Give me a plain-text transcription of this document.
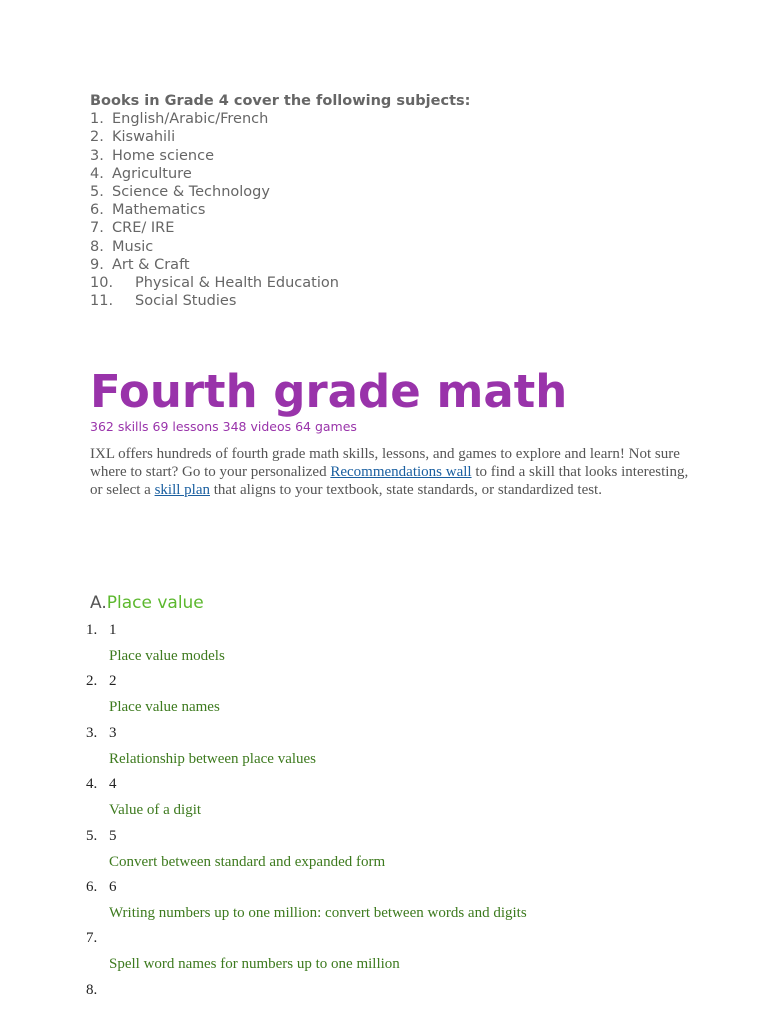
Books in Grade 4 cover the following subjects:

1. English/Arabic/French
2. Kiswahili
3. Home science
4. Agriculture
5. Science & Technology
6. Mathematics
7. CRE/ IRE
8. Music
9. Art & Craft
10.	Physical & Health Education
11.	Social Studies
Fourth grade math
362 skills 69 lessons 348 videos 64 games

IXL offers hundreds of fourth grade math skills, lessons, and games to explore and learn! Not sure where to start? Go to your personalized Recommendations wall to find a skill that looks interesting, or select a skill plan that aligns to your textbook, state standards, or standardized test.

A.Place value
1. 1
Place value models
2. 2
Place value names
3. 3
Relationship between place values
4. 4
Value of a digit
5. 5
Convert between standard and expanded form
6. 6
Writing numbers up to one million: convert between words and digits
7.
Spell word names for numbers up to one million
8.
